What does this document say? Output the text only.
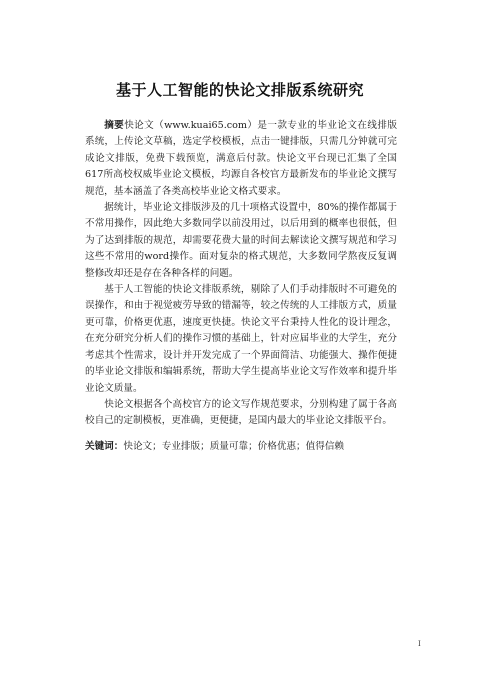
基于人工智能的快论文排版系统研究

摘要快论文（www.kuai65.com）是一款专业的毕业论文在线排版系统，上传论文草稿，选定学校模板，点击一键排版，只需几分钟就可完成论文排版，免费下载预览，满意后付款。快论文平台现已汇集了全国617所高校权威毕业论文模板，均源自各校官方最新发布的毕业论文撰写规范，基本涵盖了各类高校毕业论文格式要求。

据统计，毕业论文排版涉及的几十项格式设置中，80%的操作都属于不常用操作，因此绝大多数同学以前没用过，以后用到的概率也很低，但为了达到排版的规范，却需要花费大量的时间去解读论文撰写规范和学习这些不常用的word操作。面对复杂的格式规范，大多数同学熬夜反复调整修改却还是存在各种各样的问题。

基于人工智能的快论文排版系统，剔除了人们手动排版时不可避免的误操作，和由于视觉疲劳导致的错漏等，较之传统的人工排版方式，质量更可靠，价格更优惠，速度更快捷。快论文平台秉持人性化的设计理念，在充分研究分析人们的操作习惯的基础上，针对应届毕业的大学生，充分考虑其个性需求，设计并开发完成了一个界面简洁、功能强大、操作便捷的毕业论文排版和编辑系统，帮助大学生提高毕业论文写作效率和提升毕业论文质量。

快论文根据各个高校官方的论文写作规范要求，分别构建了属于各高校自己的定制模板，更准确，更便捷，是国内最大的毕业论文排版平台。

关键词：快论文；专业排版；质量可靠；价格优惠；值得信赖

I
